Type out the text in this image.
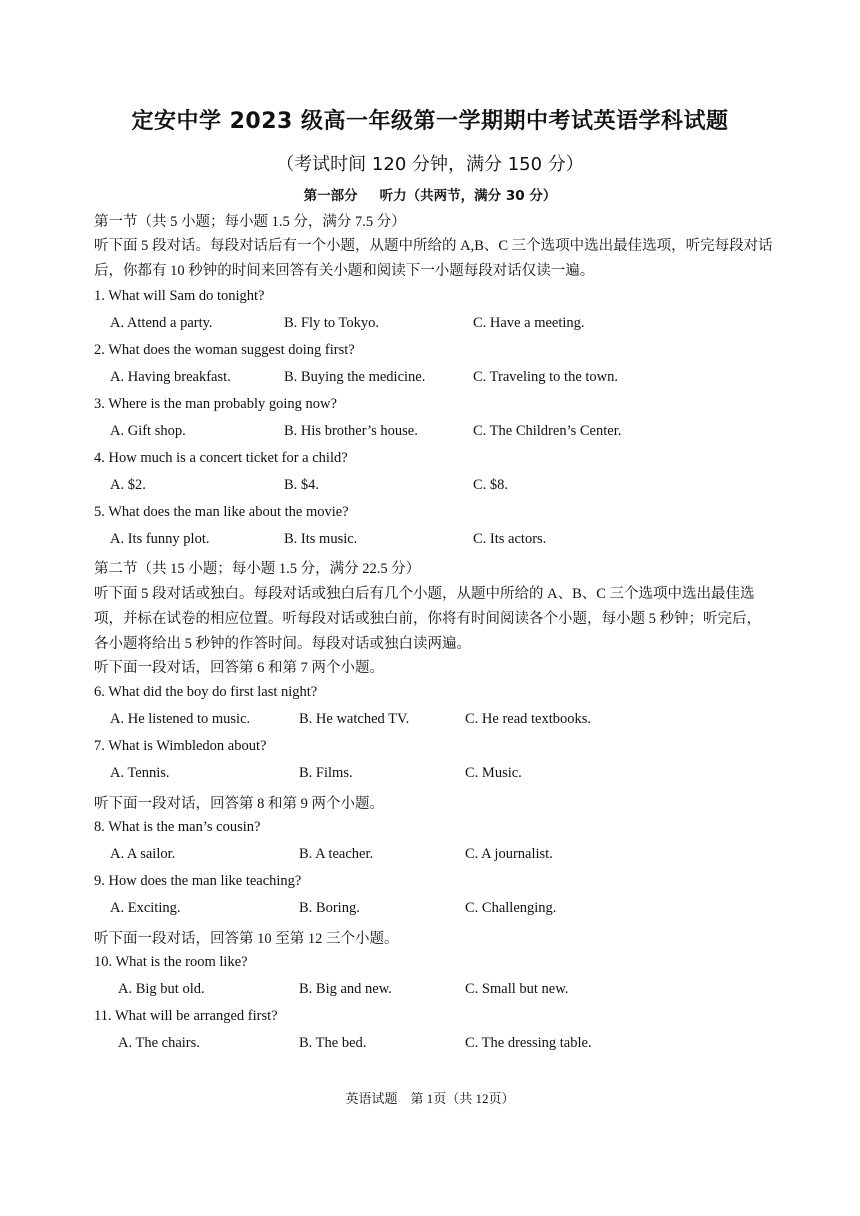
定安中学 2023 级高一年级第一学期期中考试英语学科试题
（考试时间 120 分钟，满分 150 分）
第一部分 听力（共两节，满分 30 分）
第一节（共 5 小题；每小题 1.5 分，满分 7.5 分）
听下面 5 段对话。每段对话后有一个小题，从题中所给的 A,B、C 三个选项中选出最佳选项，听完每段对话后，你都有 10 秒钟的时间来回答有关小题和阅读下一小题每段对话仅读一遍。
1. What will Sam do tonight?
A. Attend a party.	B. Fly to Tokyo.	C. Have a meeting.
2. What does the woman suggest doing first?
A. Having breakfast.	B. Buying the medicine.	C. Traveling to the town.
3. Where is the man probably going now?
A. Gift shop.	B. His brother’s house.	C. The Children’s Center.
4. How much is a concert ticket for a child?
A. $2.	B. $4.	C. $8.
5. What does the man like about the movie?
A. Its funny plot.	B. Its music.	C. Its actors.
第二节（共 15 小题；每小题 1.5 分，满分 22.5 分）
听下面 5 段对话或独白。每段对话或独白后有几个小题，从题中所给的 A、B、C 三个选项中选出最佳选项，并标在试卷的相应位置。听每段对话或独白前，你将有时间阅读各个小题，每小题 5 秒钟；听完后，各小题将给出 5 秒钟的作答时间。每段对话或独白读两遍。
听下面一段对话，回答第 6 和第 7 两个小题。
6. What did the boy do first last night?
A. He listened to music.	B. He watched TV.	C. He read textbooks.
7. What is Wimbledon about?
A. Tennis.	B. Films.	C. Music.
听下面一段对话，回答第 8 和第 9 两个小题。
8. What is the man’s cousin?
A. A sailor.	B. A teacher.	C. A journalist.
9. How does the man like teaching?
A. Exciting.	B. Boring.	C. Challenging.
听下面一段对话，回答第 10 至第 12 三个小题。
10. What is the room like?
A. Big but old.	B. Big and new.	C. Small but new.
11. What will be arranged first?
A. The chairs.	B. The bed.	C. The dressing table.
英语试题　第 1页（共 12页）
